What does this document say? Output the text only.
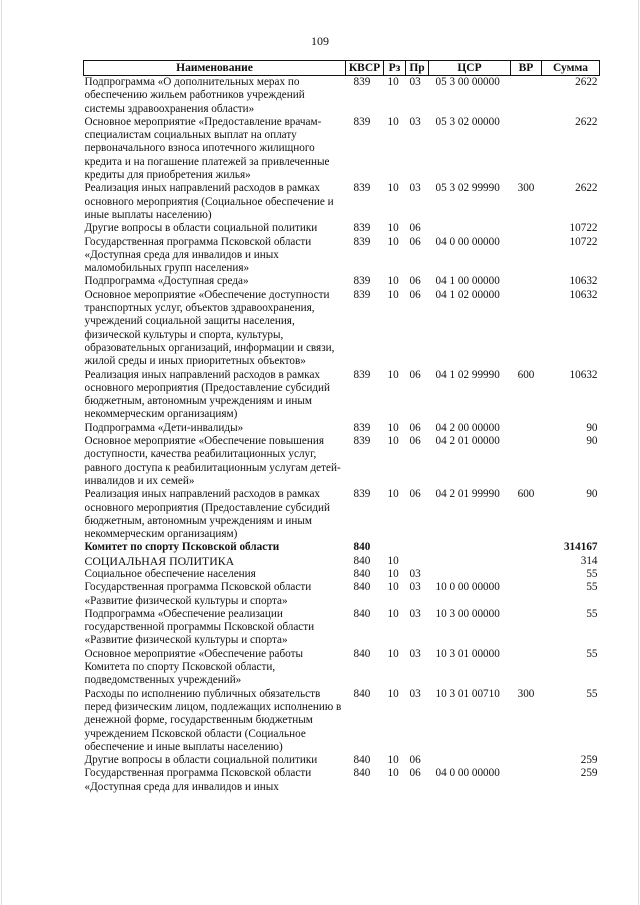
109
Наименование	КВСР	Рз	Пр	ЦСР	ВР	Сумма
Подпрограмма «О дополнительных мерах по обеспечению жильем работников учреждений системы здравоохранения области»	839	10	03	05 3 00 00000		2622
Основное мероприятие «Предоставление врачам-специалистам социальных выплат на оплату первоначального взноса ипотечного жилищного кредита и на погашение платежей за привлеченные кредиты для приобретения жилья»	839	10	03	05 3 02 00000		2622
Реализация иных направлений расходов в рамках основного мероприятия (Социальное обеспечение и иные выплаты населению)	839	10	03	05 3 02 99990	300	2622
Другие вопросы в области социальной политики	839	10	06			10722
Государственная программа Псковской области «Доступная среда для инвалидов и иных маломобильных групп населения»	839	10	06	04 0 00 00000		10722
Подпрограмма «Доступная среда»	839	10	06	04 1 00 00000		10632
Основное мероприятие «Обеспечение доступности транспортных услуг, объектов здравоохранения, учреждений социальной защиты населения, физической культуры и спорта, культуры, образовательных организаций, информации и связи, жилой среды и иных приоритетных объектов»	839	10	06	04 1 02 00000		10632
Реализация иных направлений расходов в рамках основного мероприятия (Предоставление субсидий бюджетным, автономным учреждениям и иным некоммерческим организациям)	839	10	06	04 1 02 99990	600	10632
Подпрограмма «Дети-инвалиды»	839	10	06	04 2 00 00000		90
Основное мероприятие «Обеспечение повышения доступности, качества реабилитационных услуг, равного доступа к реабилитационным услугам детей-инвалидов и их семей»	839	10	06	04 2 01 00000		90
Реализация иных направлений расходов в рамках основного мероприятия (Предоставление субсидий бюджетным, автономным учреждениям и иным некоммерческим организациям)	839	10	06	04 2 01 99990	600	90
Комитет по спорту Псковской области	840					314167
СОЦИАЛЬНАЯ ПОЛИТИКА	840	10				314
Социальное обеспечение населения	840	10	03			55
Государственная программа Псковской области «Развитие физической культуры и спорта»	840	10	03	10 0 00 00000		55
Подпрограмма «Обеспечение реализации государственной программы Псковской области «Развитие физической культуры и спорта»	840	10	03	10 3 00 00000		55
Основное мероприятие «Обеспечение работы Комитета по спорту Псковской области, подведомственных учреждений»	840	10	03	10 3 01 00000		55
Расходы по исполнению публичных обязательств перед физическим лицом, подлежащих исполнению в денежной форме, государственным бюджетным учреждением Псковской области (Социальное обеспечение и иные выплаты населению)	840	10	03	10 3 01 00710	300	55
Другие вопросы в области социальной политики	840	10	06			259
Государственная программа Псковской области «Доступная среда для инвалидов и иных	840	10	06	04 0 00 00000		259
